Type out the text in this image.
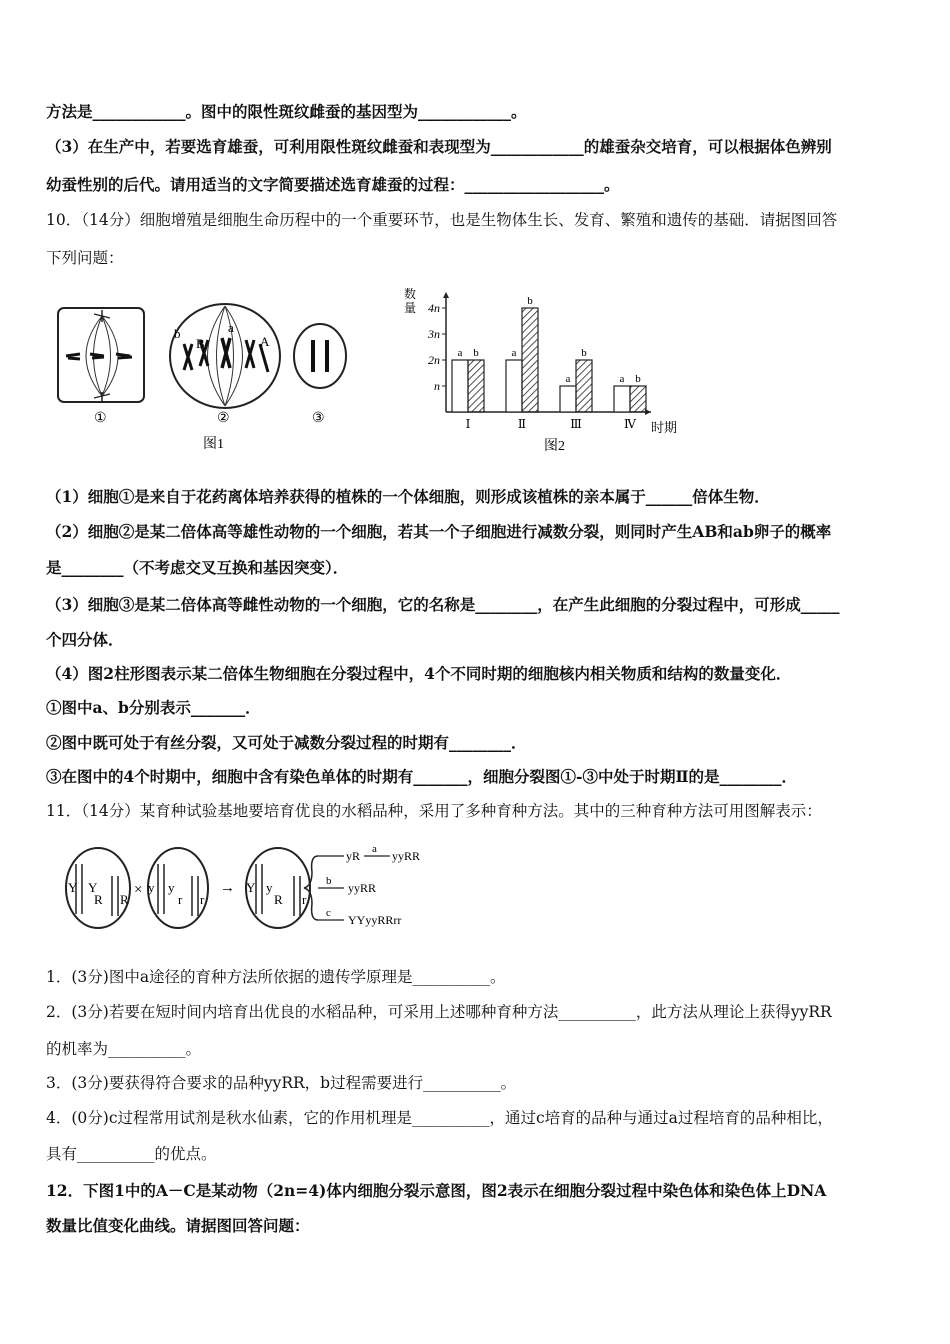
方法是____________。图中的限性斑纹雌蚕的基因型为____________。
（3）在生产中，若要选育雄蚕，可利用限性斑纹雌蚕和表现型为____________的雄蚕杂交培育，可以根据体色辨别
幼蚕性别的后代。请用适当的文字简要描述选育雄蚕的过程：__________________。
10．（14分）细胞增殖是细胞生命历程中的一个重要环节，也是生物体生长、发育、繁殖和遗传的基础．请据图回答
下列问题：
b
B
a
A
①	②	③
图1
n
2n
3n
4n
a b
Ⅰ
a
b
Ⅱ
a
b
Ⅲ
a b
Ⅳ
数
量
时期
图2
（1）细胞①是来自于花药离体培养获得的植株的一个体细胞，则形成该植株的亲本属于______倍体生物．
（2）细胞②是某二倍体高等雄性动物的一个细胞，若其一个子细胞进行减数分裂，则同时产生AB和ab卵子的概率
是________（不考虑交叉互换和基因突变）．
（3）细胞③是某二倍体高等雌性动物的一个细胞，它的名称是________，在产生此细胞的分裂过程中，可形成_____
个四分体．
（4）图2柱形图表示某二倍体生物细胞在分裂过程中，4个不同时期的细胞核内相关物质和结构的数量变化．
①图中a、b分别表示_______．
②图中既可处于有丝分裂，又可处于减数分裂过程的时期有________．
③在图中的4个时期中，细胞中含有染色单体的时期有_______，细胞分裂图①-③中处于时期Ⅱ的是________．
11．（14分）某育种试验基地要培育优良的水稻品种，采用了多种育种方法。其中的三种育种方法可用图解表示：
Y Y
R R
× y y
r r
→ Y y
R r
yR a yyRR
b yyRR
c YYyyRRrr
1．(3分)图中a途径的育种方法所依据的遗传学原理是__________。
2．(3分)若要在短时间内培育出优良的水稻品种，可采用上述哪种育种方法__________，此方法从理论上获得yyRR
的机率为__________。
3．(3分)要获得符合要求的品种yyRR，b过程需要进行__________。
4．(0分)c过程常用试剂是秋水仙素，它的作用机理是__________，通过c培育的品种与通过a过程培育的品种相比，
具有__________的优点。
12．下图1中的A－C是某动物（2n=4)体内细胞分裂示意图，图2表示在细胞分裂过程中染色体和染色体上DNA
数量比值变化曲线。请据图回答问题：
